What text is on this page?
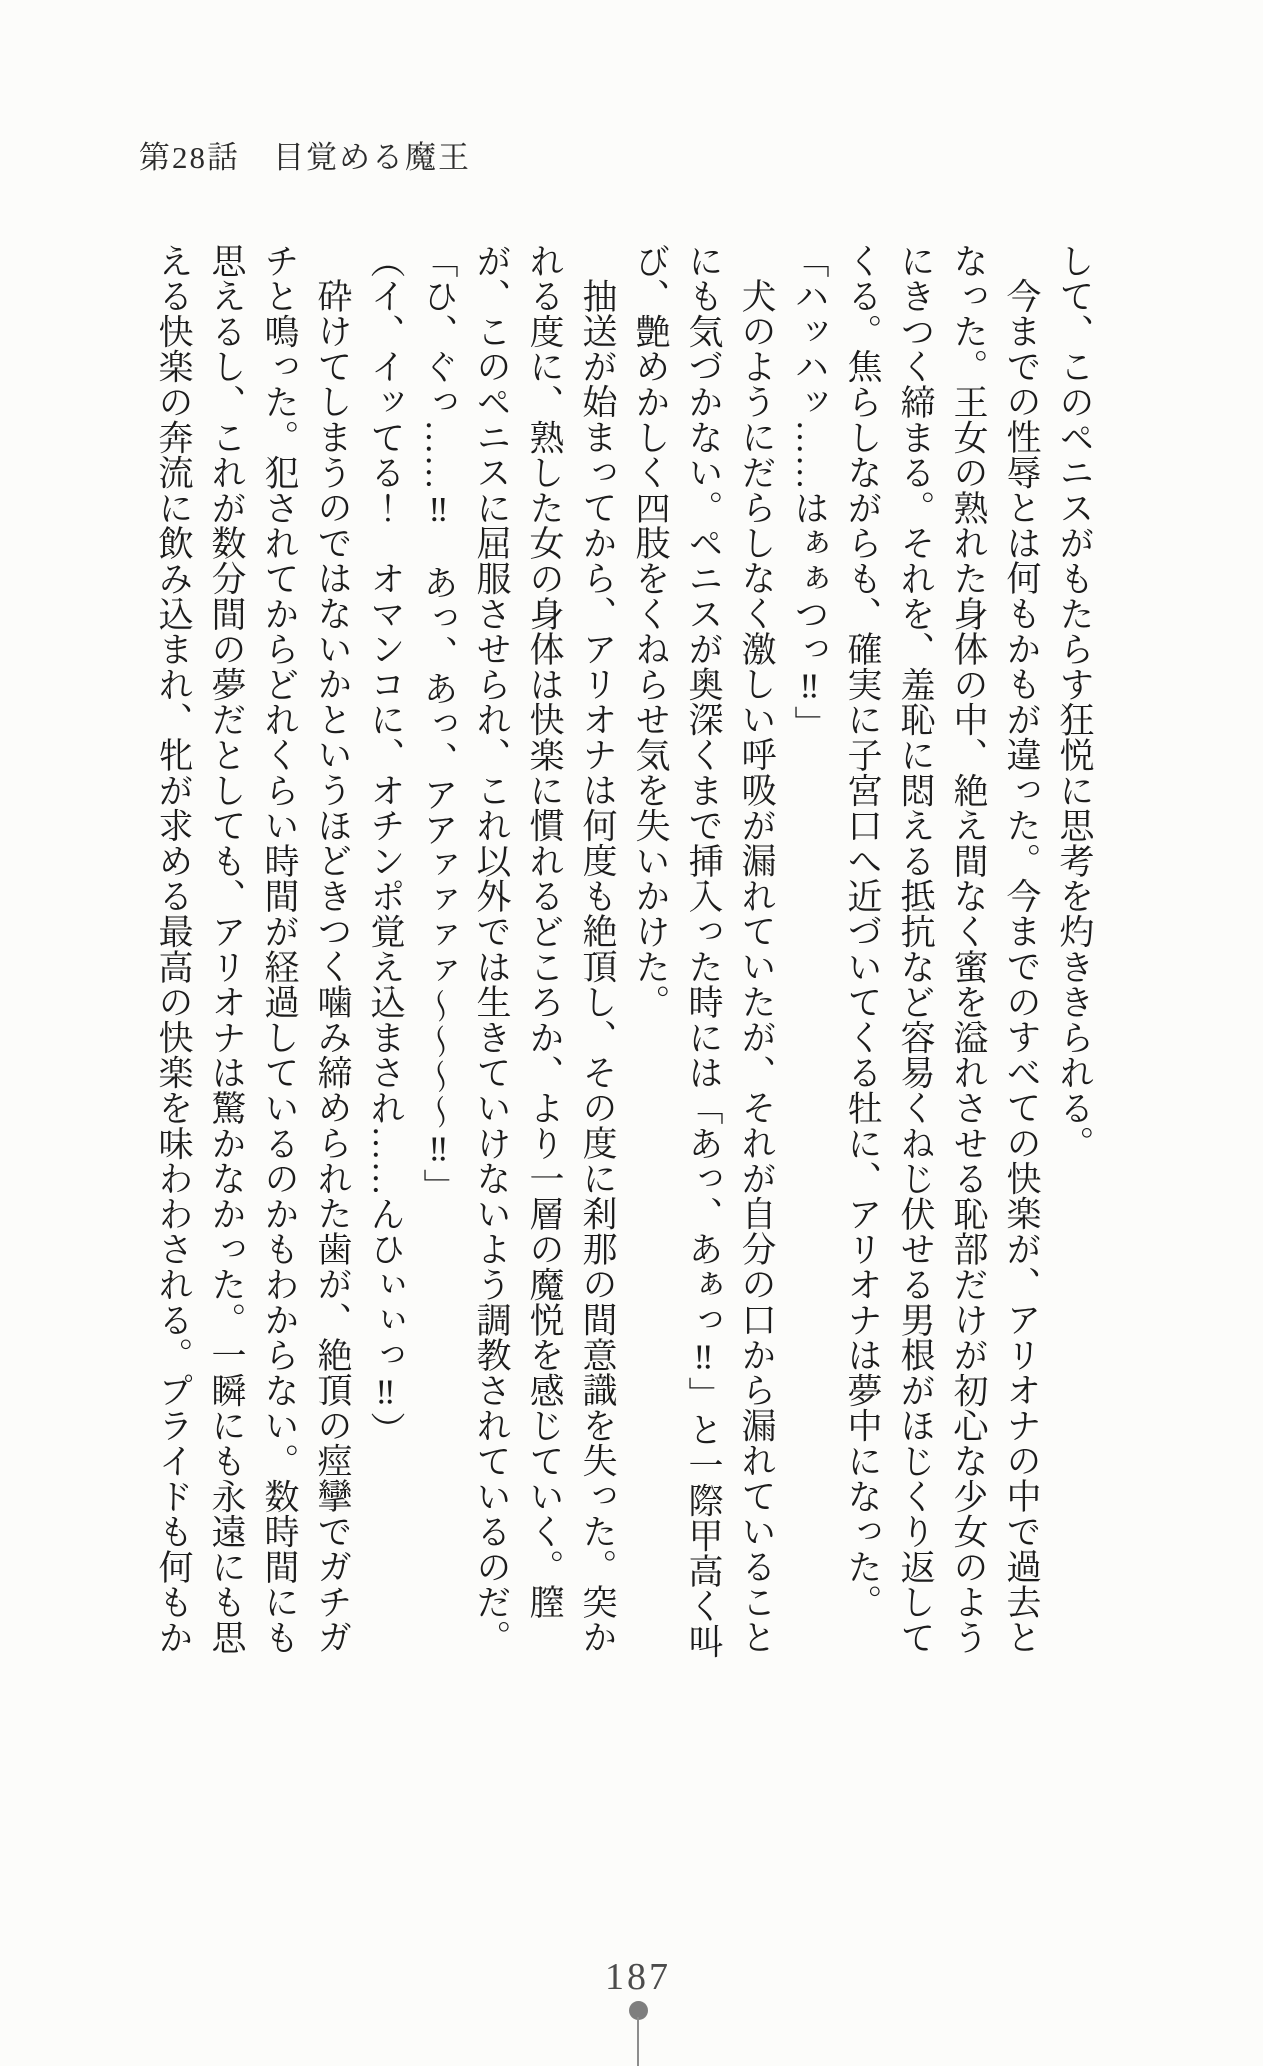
第28話　目覚める魔王

して、このペニスがもたらす狂悦に思考を灼ききられる。

今までの性辱とは何もかもが違った。今までのすべての快楽が、アリオナの中で過去となった。王女の熟れた身体の中、絶え間なく蜜を溢れさせる恥部だけが初心な少女のようにきつく締まる。それを、羞恥に悶える抵抗など容易くねじ伏せる男根がほじくり返してくる。焦らしながらも、確実に子宮口へ近づいてくる牡に、アリオナは夢中になった。

「ハッハッ……はぁぁつっ‼」

犬のようにだらしなく激しい呼吸が漏れていたが、それが自分の口から漏れていることにも気づかない。ペニスが奥深くまで挿入った時には「あっ、あぁっ‼」と一際甲高く叫び、艶めかしく四肢をくねらせ気を失いかけた。

抽送が始まってから、アリオナは何度も絶頂し、その度に刹那の間意識を失った。突かれる度に、熟した女の身体は快楽に慣れるどころか、より一層の魔悦を感じていく。膣が、このペニスに屈服させられ、これ以外では生きていけないよう調教されているのだ。

「ひ、ぐっ……‼　あっ、あっ、アアァァァァ～～～～‼」

（イ、イッてる！　オマンコに、オチンポ覚え込まされ……んひぃぃっ‼）

砕けてしまうのではないかというほどきつく噛み締められた歯が、絶頂の痙攣でガチガチと鳴った。犯されてからどれくらい時間が経過しているのかもわからない。数時間にも思えるし、これが数分間の夢だとしても、アリオナは驚かなかった。一瞬にも永遠にも思える快楽の奔流に飲み込まれ、牝が求める最高の快楽を味わわされる。プライドも何もか

187
